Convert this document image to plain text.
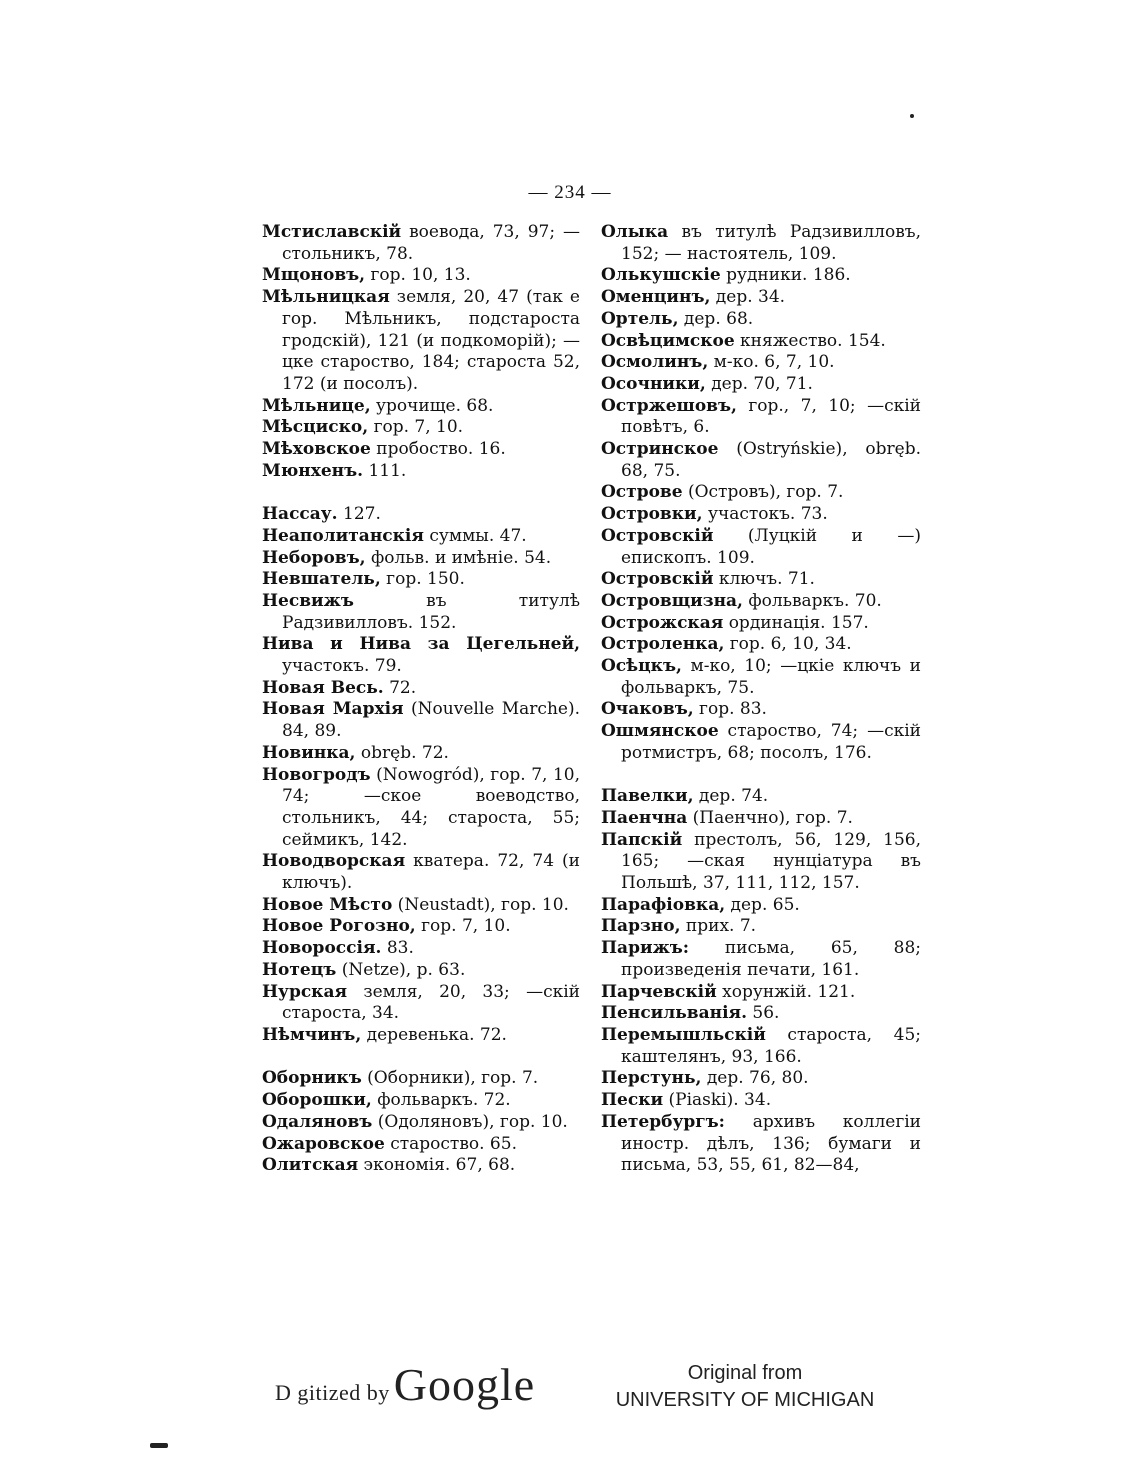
— 234 —

Мстиславскій воевода, 73, 97; —стольникъ, 78.

Мщоновъ, гор. 10, 13.

Мѣльницкая земля, 20, 47 (так е гор. Мѣльникъ, подстароста гродскій), 121 (и подкоморій); —цке староство, 184; староста 52, 172 (и посолъ).

Мѣльнице, урочище. 68.

Мѣсциско, гор. 7, 10.

Мѣховское пробоство. 16.

Мюнхенъ. 111.

Нассау. 127.

Неаполитанскія суммы. 47.

Неборовъ, фольв. и имѣніе. 54.

Невшатель, гор. 150.

Несвижъ въ титулѣ Радзивилловъ. 152.

Нива и Нива за Цегельней, участокъ. 79.

Новая Весь. 72.

Новая Мархія (Nouvelle Marche). 84, 89.

Новинка, obręb. 72.

Новогродъ (Nowogród), гор. 7, 10, 74; —ское воеводство, стольникъ, 44; староста, 55; сеймикъ, 142.

Новодворская кватера. 72, 74 (и ключъ).

Новое Мѣсто (Neustadt), гор. 10.

Новое Рогозно, гор. 7, 10.

Новороссія. 83.

Нотецъ (Netze), р. 63.

Нурская земля, 20, 33; —скій староста, 34.

Нѣмчинъ, деревенька. 72.

Оборникъ (Оборники), гор. 7.

Оборошки, фольваркъ. 72.

Одаляновъ (Одоляновъ), гор. 10.

Ожаровское староство. 65.

Олитская экономія. 67, 68.

Олыка въ титулѣ Радзивилловъ, 152; — настоятель, 109.

Олькушскіе рудники. 186.

Оменцинъ, дер. 34.

Ортель, дер. 68.

Освѣцимское княжество. 154.

Осмолинъ, м-ко. 6, 7, 10.

Осочники, дер. 70, 71.

Остржешовъ, гор., 7, 10; —скій повѣтъ, 6.

Остринское (Ostryńskie), obręb. 68, 75.

Острове (Островъ), гор. 7.

Островки, участокъ. 73.

Островскій (Луцкій и —) епископъ. 109.

Островскій ключъ. 71.

Островщизна, фольваркъ. 70.

Острожская ординація. 157.

Остроленка, гор. 6, 10, 34.

Осѣцкъ, м-ко, 10; —цкіе ключъ и фольваркъ, 75.

Очаковъ, гор. 83.

Ошмянское староство, 74; —скій ротмистръ, 68; посолъ, 176.

Павелки, дер. 74.

Паенчна (Паенчно), гор. 7.

Папскій престолъ, 56, 129, 156, 165; —ская нунціатура въ Польшѣ, 37, 111, 112, 157.

Парафіовка, дер. 65.

Парзно, прих. 7.

Парижъ: письма, 65, 88; произведенія печати, 161.

Парчевскій хорунжій. 121.

Пенсильванія. 56.

Перемышльскій староста, 45; каштелянъ, 93, 166.

Перстунь, дер. 76, 80.

Пески (Piaski). 34.

Петербургъ: архивъ коллегіи иностр. дѣлъ, 136; бумаги и письма, 53, 55, 61, 82—84,

D gitized by Google	Original from
UNIVERSITY OF MICHIGAN
